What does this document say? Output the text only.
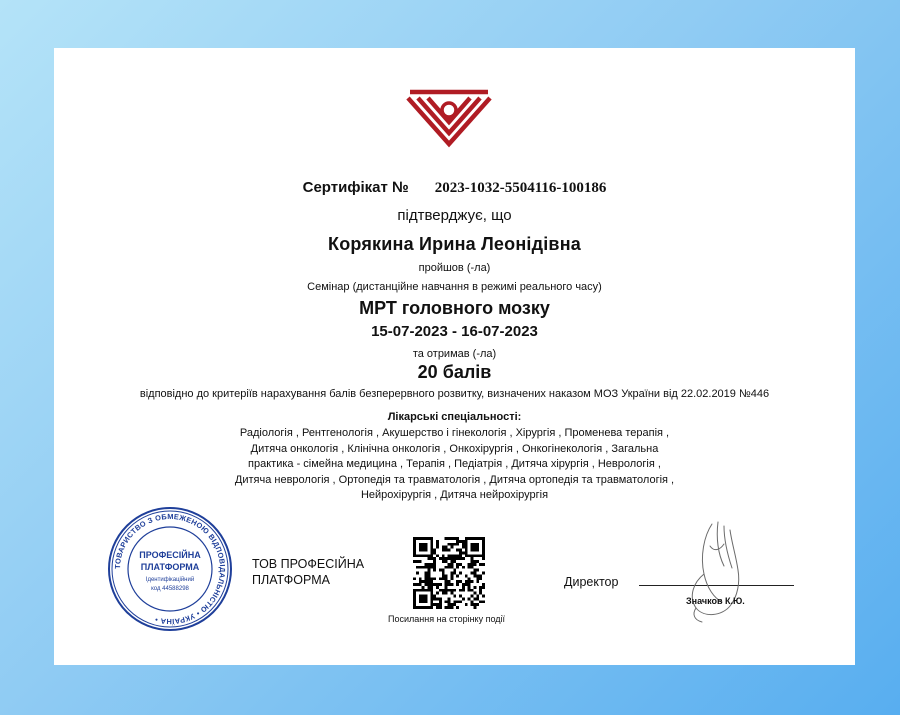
Сертифікат № 2023-1032-5504116-100186
підтверджує, що
Корякина Ирина Леонідівна
пройшов (-ла)
Семінар (дистанційне навчання в режимі реального часу)
МРТ головного мозку
15-07-2023 - 16-07-2023
та отримав (-ла)
20 балів
відповідно до критеріїв нарахування балів безперервного розвитку, визначених наказом МОЗ України від 22.02.2019 №446
Лікарські спеціальності:
Радіологія , Рентгенологія , Акушерство і гінекологія , Хірургія , Променева терапія ,
Дитяча онкологія , Клінічна онкологія , Онкохірургія , Онкогінекологія , Загальна
практика - сімейна медицина , Терапія , Педіатрія , Дитяча хірургія , Неврологія ,
Дитяча неврологія , Ортопедія та травматологія , Дитяча ортопедія та травматологія ,
Нейрохірургія , Дитяча нейрохірургія
ТОВАРИСТВО З ОБМЕЖЕНОЮ ВІДПОВІДАЛЬНІСТЮ • УКРАЇНА •
ПРОФЕСІЙНА
ПЛАТФОРМА
Ідентифікаційний
код 44588298
ТОВ ПРОФЕСІЙНА
ПЛАТФОРМА
Посилання на сторінку події
Директор
Значков К.Ю.
